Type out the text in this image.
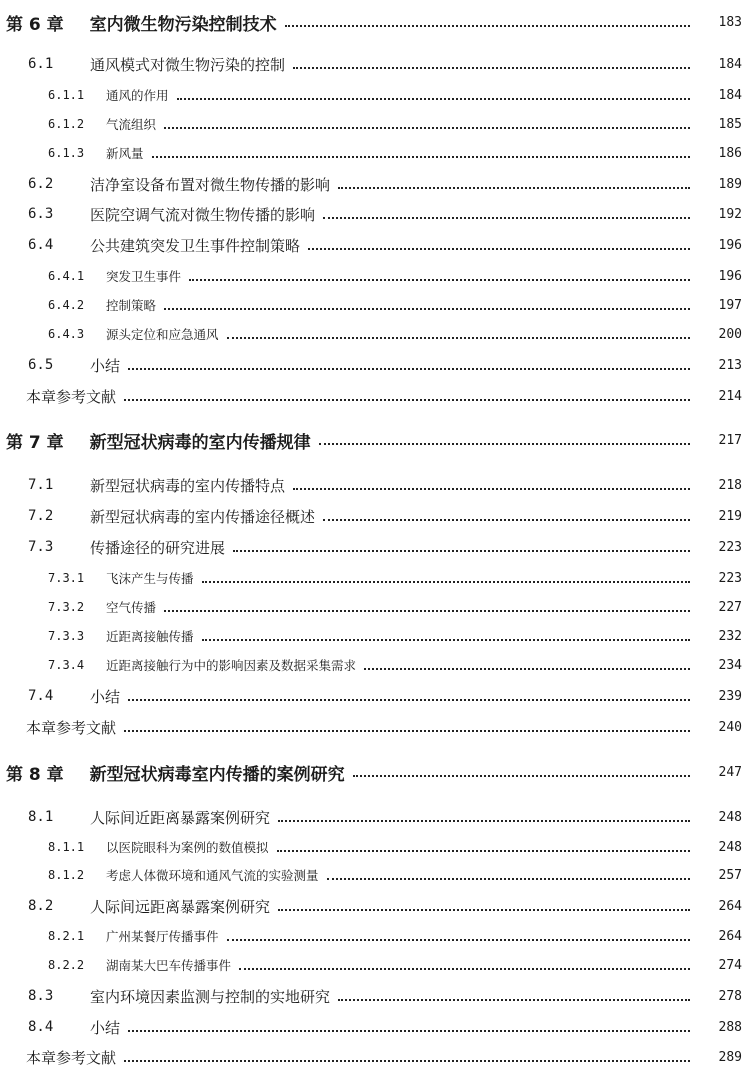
第 6 章 室内微生物污染控制技术	183
6.1	通风模式对微生物污染的控制	184
6.1.1	通风的作用	184
6.1.2	气流组织	185
6.1.3	新风量	186
6.2	洁净室设备布置对微生物传播的影响	189
6.3	医院空调气流对微生物传播的影响	192
6.4	公共建筑突发卫生事件控制策略	196
6.4.1	突发卫生事件	196
6.4.2	控制策略	197
6.4.3	源头定位和应急通风	200
6.5	小结	213
本章参考文献	214
第 7 章 新型冠状病毒的室内传播规律	217
7.1	新型冠状病毒的室内传播特点	218
7.2	新型冠状病毒的室内传播途径概述	219
7.3	传播途径的研究进展	223
7.3.1	飞沫产生与传播	223
7.3.2	空气传播	227
7.3.3	近距离接触传播	232
7.3.4	近距离接触行为中的影响因素及数据采集需求	234
7.4	小结	239
本章参考文献	240
第 8 章 新型冠状病毒室内传播的案例研究	247
8.1	人际间近距离暴露案例研究	248
8.1.1	以医院眼科为案例的数值模拟	248
8.1.2	考虑人体微环境和通风气流的实验测量	257
8.2	人际间远距离暴露案例研究	264
8.2.1	广州某餐厅传播事件	264
8.2.2	湖南某大巴车传播事件	274
8.3	室内环境因素监测与控制的实地研究	278
8.4	小结	288
本章参考文献	289
